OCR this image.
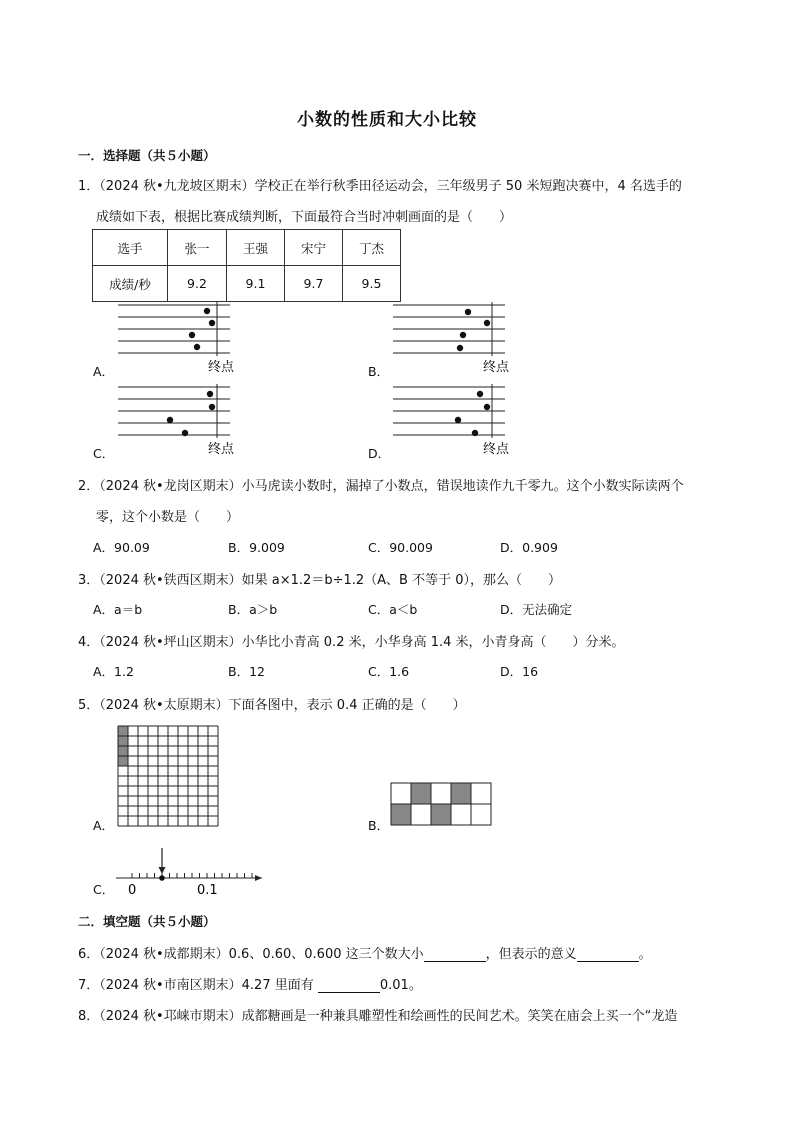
小数的性质和大小比较
一．选择题（共５小题）
1．（2024 秋•九龙坡区期末）学校正在举行秋季田径运动会，三年级男子 50 米短跑决赛中，4 名选手的
成绩如下表，根据比赛成绩判断，下面最符合当时冲刺画面的是（　　）
选手	张一	王强	宋宁	丁杰
成绩/秒	9.2	9.1	9.7	9.5
A．	B．
C．	D．
终点	终点
终点	终点
2．（2024 秋•龙岗区期末）小马虎读小数时，漏掉了小数点，错误地读作九千零九。这个小数实际读两个
零，这个小数是（　　）
A．90.09	B．9.009	C．90.009	D．0.909
3．（2024 秋•铁西区期末）如果 a×1.2＝b÷1.2（A、B 不等于 0），那么（　　）
A．a＝b	B．a＞b	C．a＜b	D．无法确定
4．（2024 秋•坪山区期末）小华比小青高 0.2 米，小华身高 1.4 米，小青身高（　　）分米。
A．1.2	B．12	C．1.6	D．16
5．（2024 秋•太原期末）下面各图中，表示 0.4 正确的是（　　）
A．	B．
C． 0	0.1
二．填空题（共５小题）
6．（2024 秋•成都期末）0.6、0.60、0.600 这三个数大小	，但表示的意义	。
7．（2024 秋•市南区期末）4.27 里面有	0.01。
8．（2024 秋•邛崃市期末）成都糖画是一种兼具雕塑性和绘画性的民间艺术。笑笑在庙会上买一个“龙造
